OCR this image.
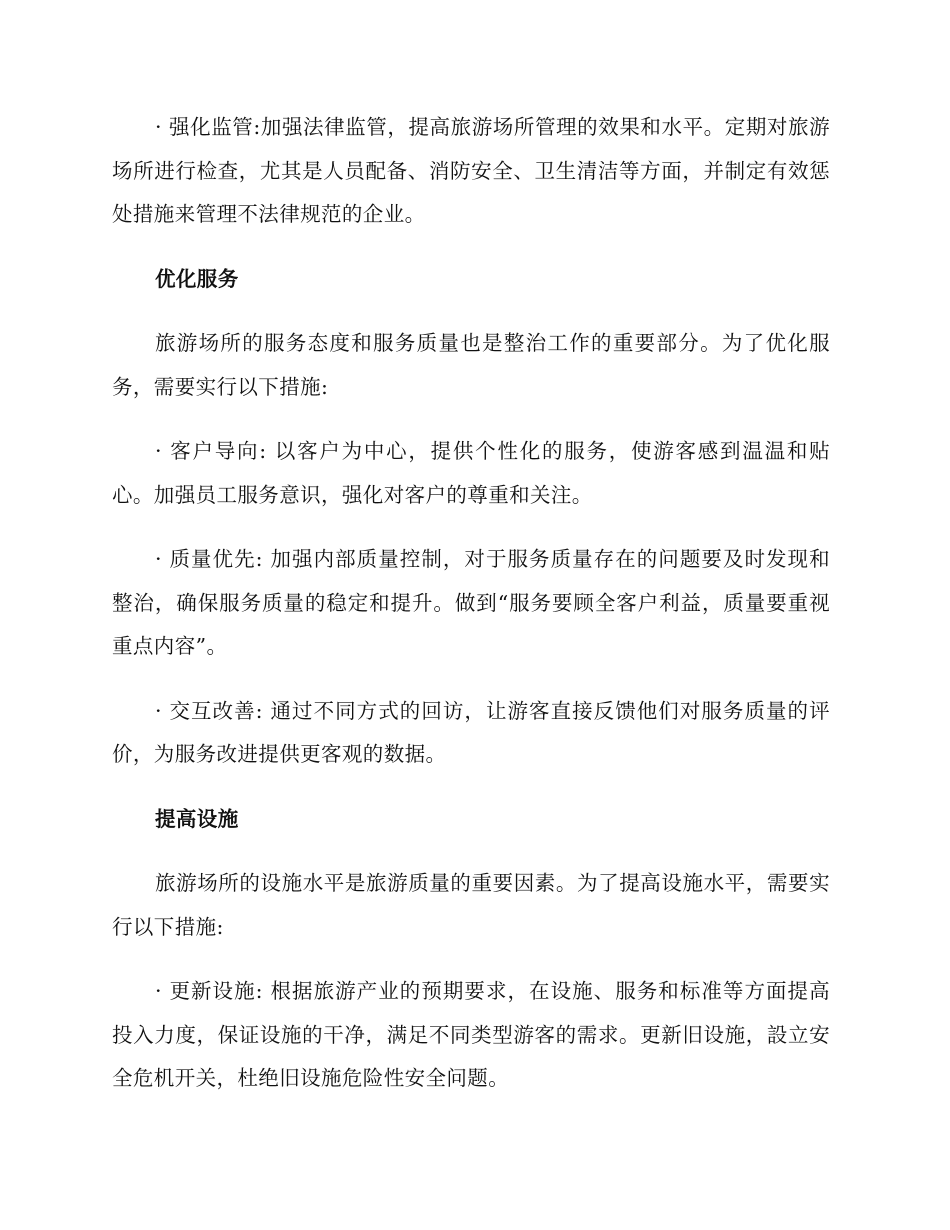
· 强化监管:加强法律监管，提高旅游场所管理的效果和水平。定期对旅游场所进行检查，尤其是人员配备、消防安全、卫生清洁等方面，并制定有效惩处措施来管理不法律规范的企业。

优化服务

旅游场所的服务态度和服务质量也是整治工作的重要部分。为了优化服务，需要实行以下措施:

· 客户导向: 以客户为中心，提供个性化的服务，使游客感到温温和贴心。加强员工服务意识，强化对客户的尊重和关注。

· 质量优先: 加强内部质量控制，对于服务质量存在的问题要及时发现和整治，确保服务质量的稳定和提升。做到“服务要顾全客户利益，质量要重视重点内容”。

· 交互改善: 通过不同方式的回访，让游客直接反馈他们对服务质量的评价，为服务改进提供更客观的数据。

提高设施

旅游场所的设施水平是旅游质量的重要因素。为了提高设施水平，需要实行以下措施:

· 更新设施: 根据旅游产业的预期要求，在设施、服务和标准等方面提高投入力度，保证设施的干净，满足不同类型游客的需求。更新旧设施，設立安全危机开关，杜绝旧设施危险性安全问题。
